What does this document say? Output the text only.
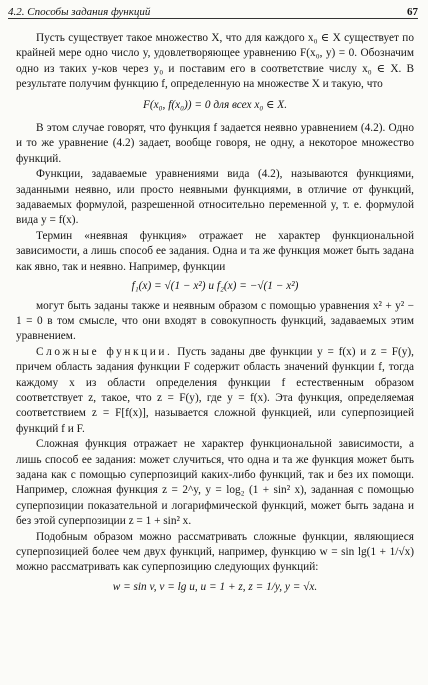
4.2. Способы задания функций	67

Пусть существует такое множество X, что для каждого x₀ ∈ X существует по крайней мере одно число y, удовлетворяющее уравнению F(x₀, y) = 0. Обозначим одно из таких y-ков через y₀ и поставим его в соответствие числу x₀ ∈ X. В результате получим функцию f, определенную на множестве X и такую, что

F(x₀, f(x₀)) = 0 для всех x₀ ∈ X.

В этом случае говорят, что функция f задается неявно уравнением (4.2). Одно и то же уравнение (4.2) задает, вообще говоря, не одну, а некоторое множество функций.

Функции, задаваемые уравнениями вида (4.2), называются функциями, заданными неявно, или просто неявными функциями, в отличие от функций, задаваемых формулой, разрешенной относительно переменной y, т. е. формулой вида y = f(x).

Термин «неявная функция» отражает не характер функциональной зависимости, а лишь способ ее задания. Одна и та же функция может быть задана как явно, так и неявно. Например, функции

f₁(x) = √(1 − x²) и f₂(x) = −√(1 − x²)

могут быть заданы также и неявным образом с помощью уравнения x² + y² − 1 = 0 в том смысле, что они входят в совокупность функций, задаваемых этим уравнением.

Сложные функции. Пусть заданы две функции y = f(x) и z = F(y), причем область задания функции F содержит область значений функции f, тогда каждому x из области определения функции f естественным образом соответствует z, такое, что z = F(y), где y = f(x). Эта функция, определяемая соответствием z = F[f(x)], называется сложной функцией, или суперпозицией функций f и F.

Сложная функция отражает не характер функциональной зависимости, а лишь способ ее задания: может случиться, что одна и та же функция может быть задана как с помощью суперпозиций каких-либо функций, так и без их помощи. Например, сложная функция z = 2^y, y = log₂ (1 + sin² x), заданная с помощью суперпозиции показательной и логарифмической функций, может быть задана и без этой суперпозиции z = 1 + sin² x.

Подобным образом можно рассматривать сложные функции, являющиеся суперпозицией более чем двух функций, например, функцию w = sin lg(1 + 1/√x) можно рассматривать как суперпозицию следующих функций:

w = sin v, v = lg u, u = 1 + z, z = 1/y, y = √x.
